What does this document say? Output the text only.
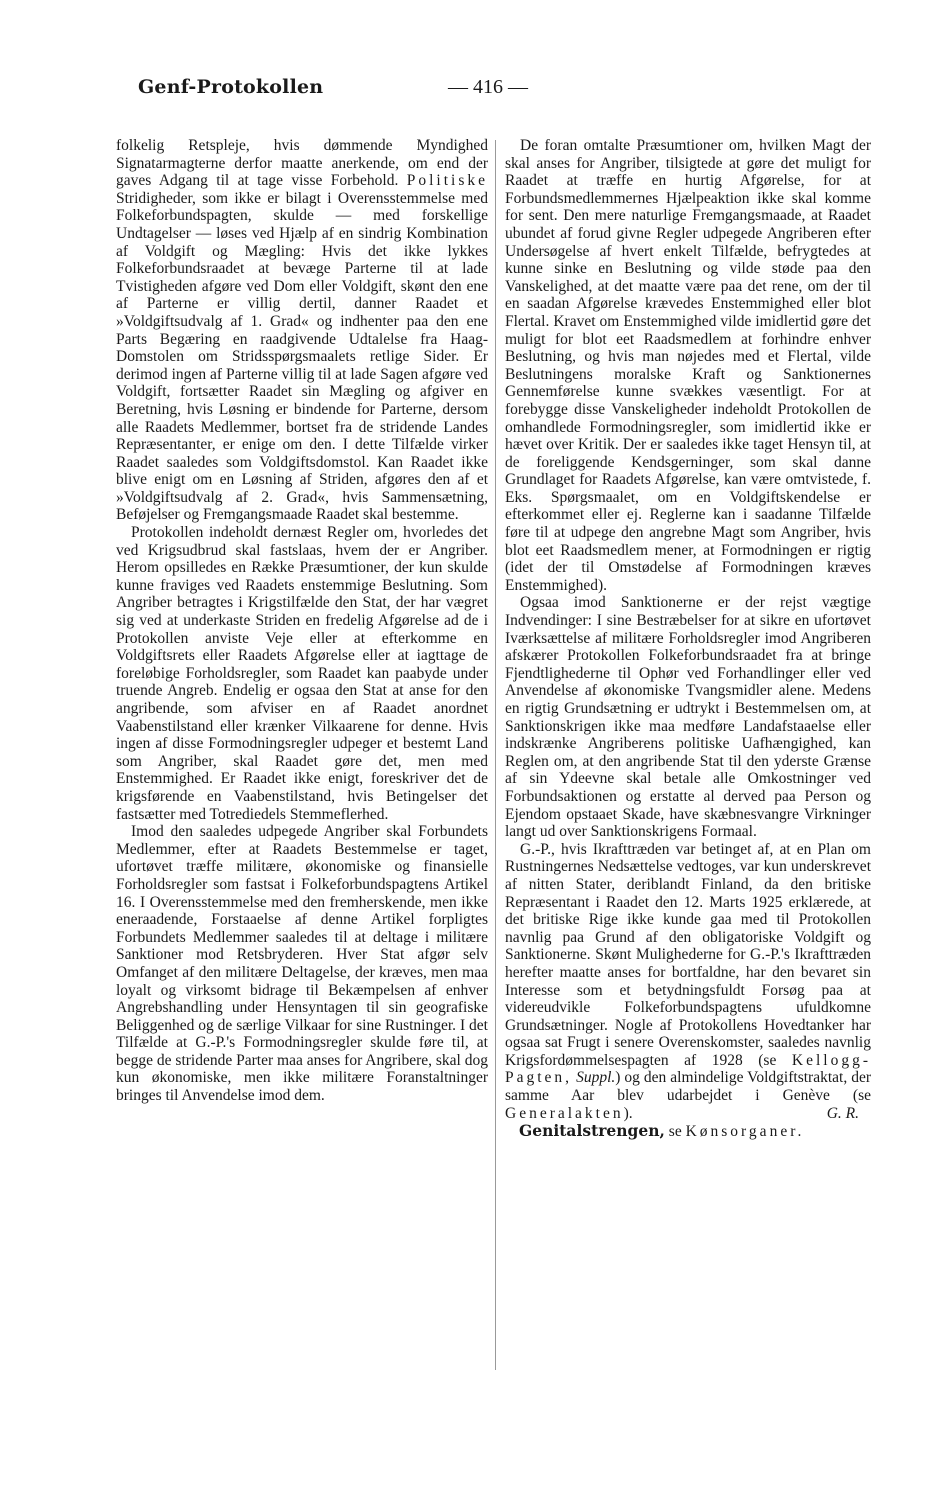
Genf-Protokollen	— 416 —

folkelig Retspleje, hvis dømmende Myndighed Signatarmagterne derfor maatte anerkende, om end der gaves Adgang til at tage visse Forbehold. Politiske Stridigheder, som ikke er bilagt i Overensstemmelse med Folkeforbundspagten, skulde — med forskellige Undtagelser — løses ved Hjælp af en sindrig Kombination af Voldgift og Mægling: Hvis det ikke lykkes Folkeforbundsraadet at bevæge Parterne til at lade Tvistigheden afgøre ved Dom eller Voldgift, skønt den ene af Parterne er villig dertil, danner Raadet et »Voldgiftsudvalg af 1. Grad« og indhenter paa den ene Parts Begæring en raadgivende Udtalelse fra Haag-Domstolen om Stridsspørgsmaalets retlige Sider. Er derimod ingen af Parterne villig til at lade Sagen afgøre ved Voldgift, fortsætter Raadet sin Mægling og afgiver en Beretning, hvis Løsning er bindende for Parterne, dersom alle Raadets Medlemmer, bortset fra de stridende Landes Repræsentanter, er enige om den. I dette Tilfælde virker Raadet saaledes som Voldgiftsdomstol. Kan Raadet ikke blive enigt om en Løsning af Striden, afgøres den af et »Voldgiftsudvalg af 2. Grad«, hvis Sammensætning, Beføjelser og Fremgangsmaade Raadet skal bestemme.

Protokollen indeholdt dernæst Regler om, hvorledes det ved Krigsudbrud skal fastslaas, hvem der er Angriber. Herom opsilledes en Række Præsumtioner, der kun skulde kunne fraviges ved Raadets enstemmige Beslutning. Som Angriber betragtes i Krigstilfælde den Stat, der har vægret sig ved at underkaste Striden en fredelig Afgørelse ad de i Protokollen anviste Veje eller at efterkomme en Voldgiftsrets eller Raadets Afgørelse eller at iagttage de foreløbige Forholdsregler, som Raadet kan paabyde under truende Angreb. Endelig er ogsaa den Stat at anse for den angribende, som afviser en af Raadet anordnet Vaabenstilstand eller krænker Vilkaarene for denne. Hvis ingen af disse Formodningsregler udpeger et bestemt Land som Angriber, skal Raadet gøre det, men med Enstemmighed. Er Raadet ikke enigt, foreskriver det de krigsførende en Vaabenstilstand, hvis Betingelser det fastsætter med Totrediedels Stemmeflerhed.

Imod den saaledes udpegede Angriber skal Forbundets Medlemmer, efter at Raadets Bestemmelse er taget, ufortøvet træffe militære, økonomiske og finansielle Forholdsregler som fastsat i Folkeforbundspagtens Artikel 16. I Overensstemmelse med den fremherskende, men ikke eneraadende, Forstaaelse af denne Artikel forpligtes Forbundets Medlemmer saaledes til at deltage i militære Sanktioner mod Retsbryderen. Hver Stat afgør selv Omfanget af den militære Deltagelse, der kræves, men maa loyalt og virksomt bidrage til Bekæmpelsen af enhver Angrebshandling under Hensyntagen til sin geografiske Beliggenhed og de særlige Vilkaar for sine Rustninger. I det Tilfælde at G.-P.'s Formodningsregler skulde føre til, at begge de stridende Parter maa anses for Angribere, skal dog kun økonomiske, men ikke militære Foranstaltninger bringes til Anvendelse imod dem.

De foran omtalte Præsumtioner om, hvilken Magt der skal anses for Angriber, tilsigtede at gøre det muligt for Raadet at træffe en hurtig Afgørelse, for at Forbundsmedlemmernes Hjælpeaktion ikke skal komme for sent. Den mere naturlige Fremgangsmaade, at Raadet ubundet af forud givne Regler udpegede Angriberen efter Undersøgelse af hvert enkelt Tilfælde, befrygtedes at kunne sinke en Beslutning og vilde støde paa den Vanskelighed, at det maatte være paa det rene, om der til en saadan Afgørelse krævedes Enstemmighed eller blot Flertal. Kravet om Enstemmighed vilde imidlertid gøre det muligt for blot eet Raadsmedlem at forhindre enhver Beslutning, og hvis man nøjedes med et Flertal, vilde Beslutningens moralske Kraft og Sanktionernes Gennemførelse kunne svækkes væsentligt. For at forebygge disse Vanskeligheder indeholdt Protokollen de omhandlede Formodningsregler, som imidlertid ikke er hævet over Kritik. Der er saaledes ikke taget Hensyn til, at de foreliggende Kendsgerninger, som skal danne Grundlaget for Raadets Afgørelse, kan være omtvistede, f. Eks. Spørgsmaalet, om en Voldgiftskendelse er efterkommet eller ej. Reglerne kan i saadanne Tilfælde føre til at udpege den angrebne Magt som Angriber, hvis blot eet Raadsmedlem mener, at Formodningen er rigtig (idet der til Omstødelse af Formodningen kræves Enstemmighed).

Ogsaa imod Sanktionerne er der rejst vægtige Indvendinger: I sine Bestræbelser for at sikre en ufortøvet Iværksættelse af militære Forholdsregler imod Angriberen afskærer Protokollen Folkeforbundsraadet fra at bringe Fjendtlighederne til Ophør ved Forhandlinger eller ved Anvendelse af økonomiske Tvangsmidler alene. Medens en rigtig Grundsætning er udtrykt i Bestemmelsen om, at Sanktionskrigen ikke maa medføre Landafstaaelse eller indskrænke Angriberens politiske Uafhængighed, kan Reglen om, at den angribende Stat til den yderste Grænse af sin Ydeevne skal betale alle Omkostninger ved Forbundsaktionen og erstatte al derved paa Person og Ejendom opstaaet Skade, have skæbnesvangre Virkninger langt ud over Sanktionskrigens Formaal.

G.-P., hvis Ikrafttræden var betinget af, at en Plan om Rustningernes Nedsættelse vedtoges, var kun underskrevet af nitten Stater, deriblandt Finland, da den britiske Repræsentant i Raadet den 12. Marts 1925 erklærede, at det britiske Rige ikke kunde gaa med til Protokollen navnlig paa Grund af den obligatoriske Voldgift og Sanktionerne. Skønt Mulighederne for G.-P.'s Ikrafttræden herefter maatte anses for bortfaldne, har den bevaret sin Interesse som et betydningsfuldt Forsøg paa at videreudvikle Folkeforbundspagtens ufuldkomne Grundsætninger. Nogle af Protokollens Hovedtanker har ogsaa sat Frugt i senere Overenskomster, saaledes navnlig Krigsfordømmelsespagten af 1928 (se Kellogg-Pagten, Suppl.) og den almindelige Voldgiftstraktat, der samme Aar blev udarbejdet i Genève (se Generalakten).	G. R.

Genitalstrengen, se Kønsorganer.
